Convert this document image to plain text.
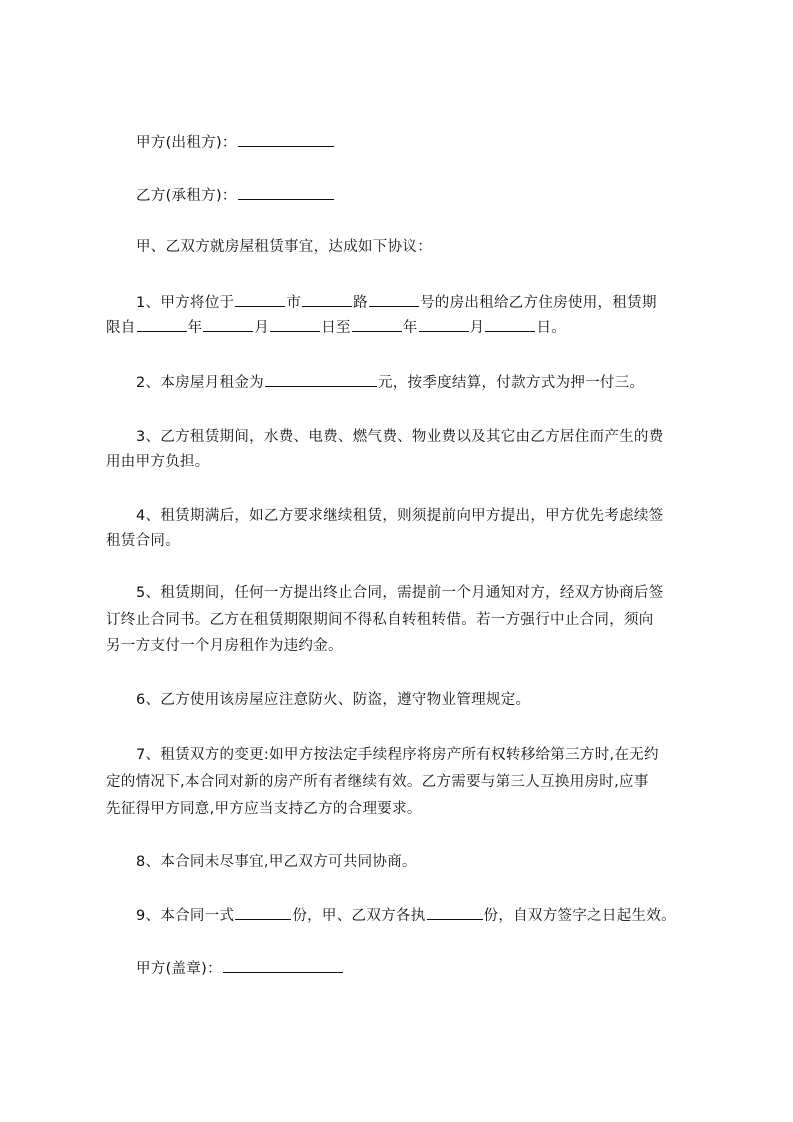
甲方(出租方)：
乙方(承租方)：
甲、乙双方就房屋租赁事宜，达成如下协议：
1、甲方将位于	市	路	号的房出租给乙方住房使用，租赁期
限自	年	月	日至	年	月	日。
2、本房屋月租金为	元，按季度结算，付款方式为押一付三。
3、乙方租赁期间，水费、电费、燃气费、物业费以及其它由乙方居住而产生的费
用由甲方负担。
4、租赁期满后，如乙方要求继续租赁，则须提前向甲方提出，甲方优先考虑续签
租赁合同。
5、租赁期间，任何一方提出终止合同，需提前一个月通知对方，经双方协商后签
订终止合同书。乙方在租赁期限期间不得私自转租转借。若一方强行中止合同，须向
另一方支付一个月房租作为违约金。
6、乙方使用该房屋应注意防火、防盗，遵守物业管理规定。
7、租赁双方的变更:如甲方按法定手续程序将房产所有权转移给第三方时,在无约
定的情况下,本合同对新的房产所有者继续有效。乙方需要与第三人互换用房时,应事
先征得甲方同意,甲方应当支持乙方的合理要求。
8、本合同未尽事宜,甲乙双方可共同协商。
9、本合同一式	份，甲、乙双方各执	份，自双方签字之日起生效。
甲方(盖章)：
